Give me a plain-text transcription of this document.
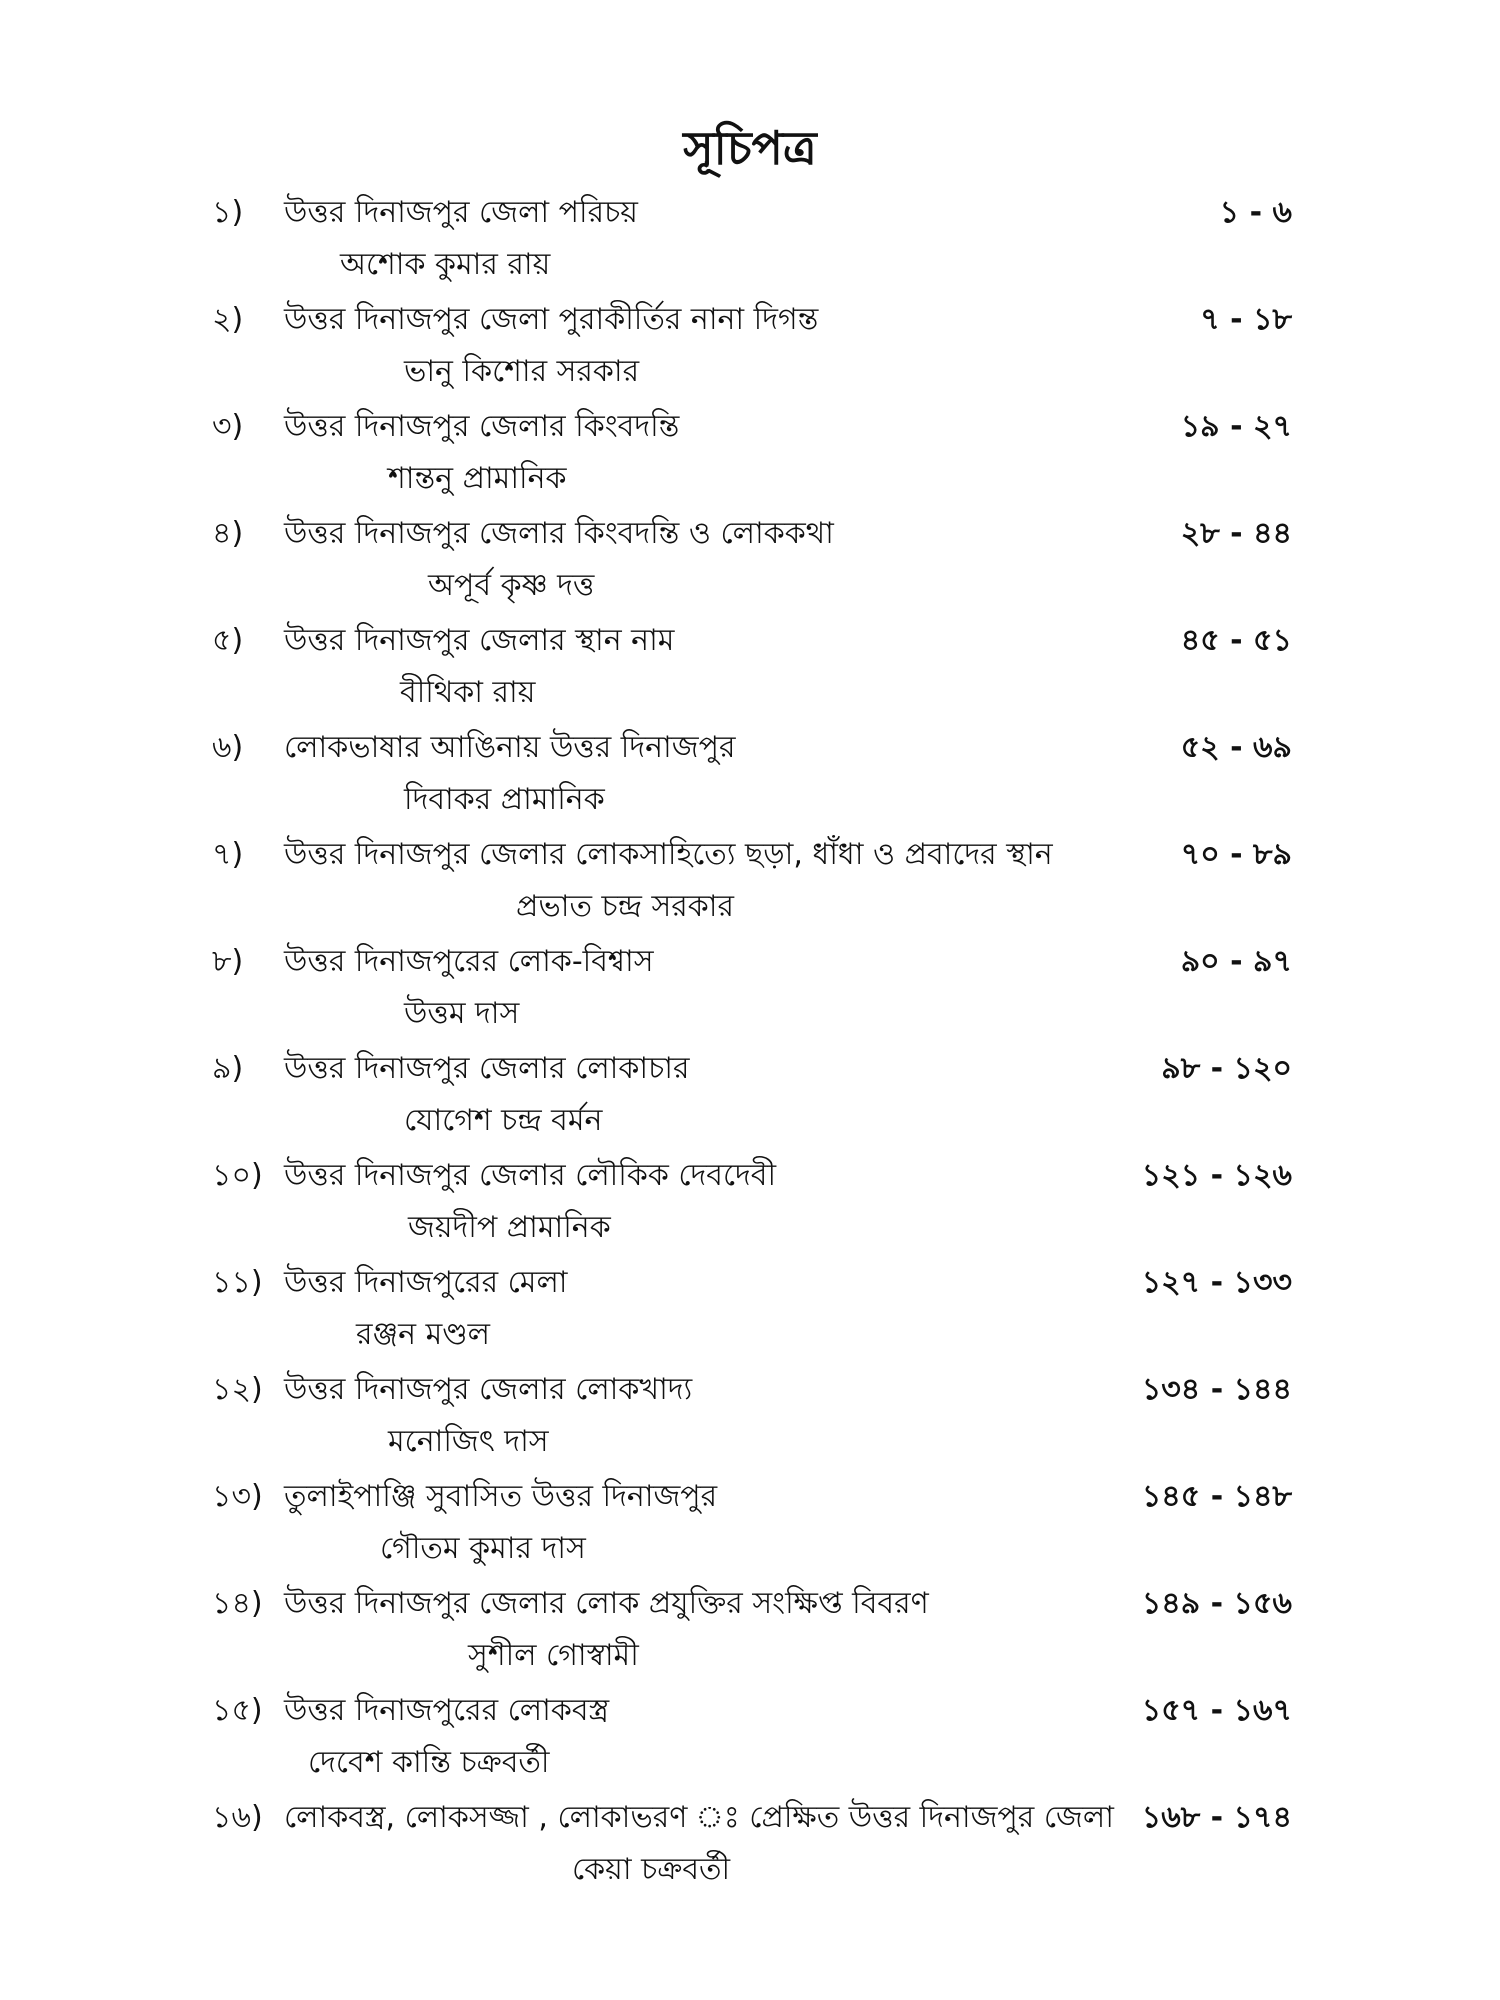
সূচিপত্র
১) উত্তর দিনাজপুর জেলা পরিচয়	১ - ৬
অশোক কুমার রায়
২) উত্তর দিনাজপুর জেলা পুরাকীর্তির নানা দিগন্ত	৭ - ১৮
ভানু কিশোর সরকার
৩) উত্তর দিনাজপুর জেলার কিংবদন্তি	১৯ - ২৭
শান্তনু প্রামানিক
৪) উত্তর দিনাজপুর জেলার কিংবদন্তি ও লোককথা	২৮ - ৪৪
অপূর্ব কৃষ্ণ দত্ত
৫) উত্তর দিনাজপুর জেলার স্থান নাম	৪৫ - ৫১
বীথিকা রায়
৬) লোকভাষার আঙিনায় উত্তর দিনাজপুর	৫২ - ৬৯
দিবাকর প্রামানিক
৭) উত্তর দিনাজপুর জেলার লোকসাহিত্যে ছড়া, ধাঁধা ও প্রবাদের স্থান	৭০ - ৮৯
প্রভাত চন্দ্র সরকার
৮) উত্তর দিনাজপুরের লোক-বিশ্বাস	৯০ - ৯৭
উত্তম দাস
৯) উত্তর দিনাজপুর জেলার লোকাচার	৯৮ - ১২০
যোগেশ চন্দ্র বর্মন
১০) উত্তর দিনাজপুর জেলার লৌকিক দেবদেবী	১২১ - ১২৬
জয়দীপ প্রামানিক
১১) উত্তর দিনাজপুরের মেলা	১২৭ - ১৩৩
রঞ্জন মণ্ডল
১২) উত্তর দিনাজপুর জেলার লোকখাদ্য	১৩৪ - ১৪৪
মনোজিৎ দাস
১৩) তুলাইপাঞ্জি সুবাসিত উত্তর দিনাজপুর	১৪৫ - ১৪৮
গৌতম কুমার দাস
১৪) উত্তর দিনাজপুর জেলার লোক প্রযুক্তির সংক্ষিপ্ত বিবরণ	১৪৯ - ১৫৬
সুশীল গোস্বামী
১৫) উত্তর দিনাজপুরের লোকবস্ত্র	১৫৭ - ১৬৭
দেবেশ কান্তি চক্রবর্তী
১৬) লোকবস্ত্র, লোকসজ্জা , লোকাভরণ ঃ প্রেক্ষিত উত্তর দিনাজপুর জেলা ১৬৮ - ১৭৪
কেয়া চক্রবর্তী
